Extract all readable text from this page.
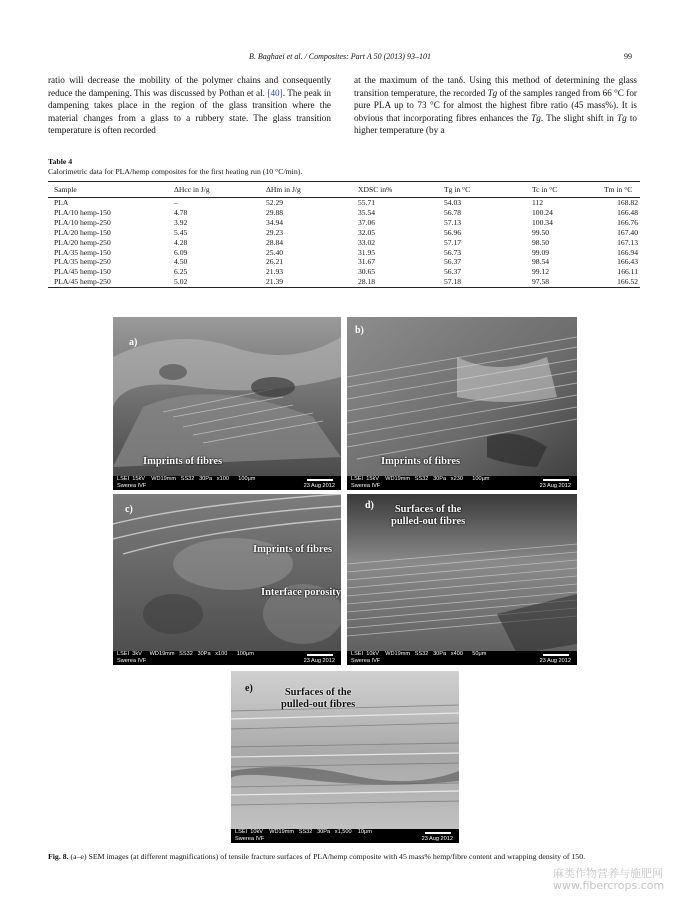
B. Baghaei et al. / Composites: Part A 50 (2013) 93–101	99
ratio will decrease the mobility of the polymer chains and consequently reduce the dampening. This was discussed by Pothan et al. [40]. The peak in dampening takes place in the region of the glass transition where the material changes from a glass to a rubbery state. The glass transition temperature is often recorded
at the maximum of the tanδ. Using this method of determining the glass transition temperature, the recorded Tg of the samples ranged from 66 °C for pure PLA up to 73 °C for almost the highest fibre ratio (45 mass%). It is obvious that incorporating fibres enhances the Tg. The slight shift in Tg to higher temperature (by a
Table 4
Calorimetric data for PLA/hemp composites for the first heating run (10 °C/min).
Sample	ΔHcc in J/g	ΔHm in J/g	XDSC in%	Tg in °C	Tc in °C	Tm in °C
PLA	–	52.29	55.71	54.03	112	168.82
PLA/10 hemp-150	4.78	29.88	35.54	56.78	100.24	166.48
PLA/10 hemp-250	3.92	34.94	37.06	57.13	100.34	166.76
PLA/20 hemp-150	5.45	29.23	32.05	56.96	99.50	167.40
PLA/20 hemp-250	4.28	28.84	33.02	57.17	98.50	167.13
PLA/35 hemp-150	6.09	25.40	31.95	56.73	99.09	166.94
PLA/35 hemp-250	4.50	26.21	31.67	56.37	98.54	166.43
PLA/45 hemp-150	6.25	21.93	30.65	56.37	99.12	166.11
PLA/45 hemp-250	5.02	21.39	28.18	57.18	97.58	166.52
a)
Imprints of fibres
LSEI  15kV    WD19mm   SS32   30Pa   x100      100μm
Swerea IVF	23 Aug 2012
b)
Imprints of fibres
LSEI  15kV    WD19mm   SS32   30Pa   x230      100μm
Swerea IVF	23 Aug 2012
c)
Imprints of fibres
Interface porosity
LSEI  3kV     WD19mm   SS32   30Pa   x100      100μm
Swerea IVF	23 Aug 2012
d)	Surfaces of the
pulled-out fibres
LSEI  10kV    WD19mm   SS32   30Pa   x400      50μm
Swerea IVF	23 Aug 2012
e)	Surfaces of the
pulled-out fibres
LSEI  10kV    WD19mm   SS32   30Pa   x1,500    10μm
Swerea IVF	23 Aug 2012
Fig. 8. (a–e) SEM images (at different magnifications) of tensile fracture surfaces of PLA/hemp composite with 45 mass% hemp/fibre content and wrapping density of 150.
麻类作物营养与施肥网
www.fibercrops.com
